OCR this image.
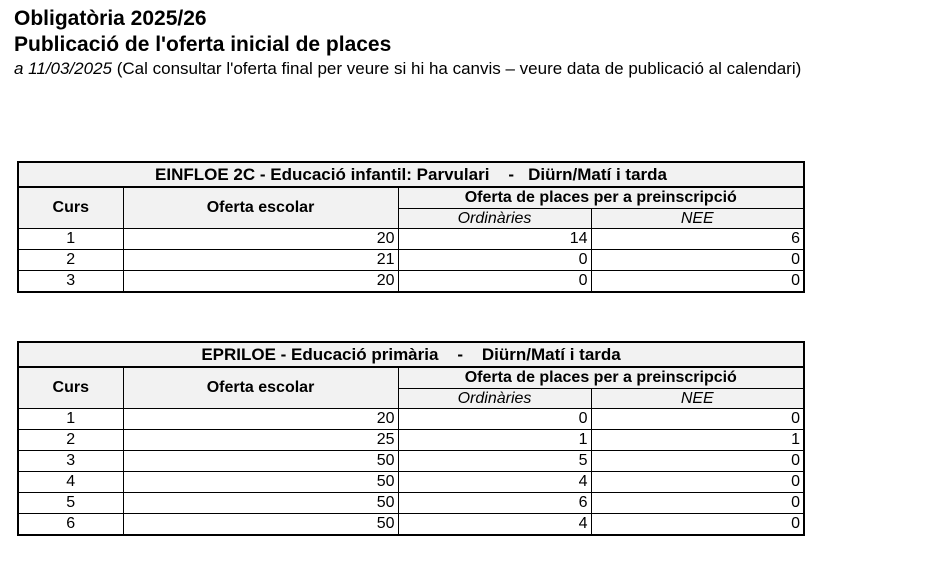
Obligatòria 2025/26

Publicació de l'oferta inicial de places

a 11/03/2025 (Cal consultar l'oferta final per veure si hi ha canvis – veure data de publicació al calendari)

EINFLOE 2C - Educació infantil: Parvulari    -   Diürn/Matí i tarda			
Curs	Oferta escolar	Oferta de places per a preinscripció	
		Ordinàries	NEE
1	20	14	6
2	21	0	0
3	20	0	0
EPRILOE - Educació primària    -    Diürn/Matí i tarda			
Curs	Oferta escolar	Oferta de places per a preinscripció	
		Ordinàries	NEE
1	20	0	0
2	25	1	1
3	50	5	0
4	50	4	0
5	50	6	0
6	50	4	0
